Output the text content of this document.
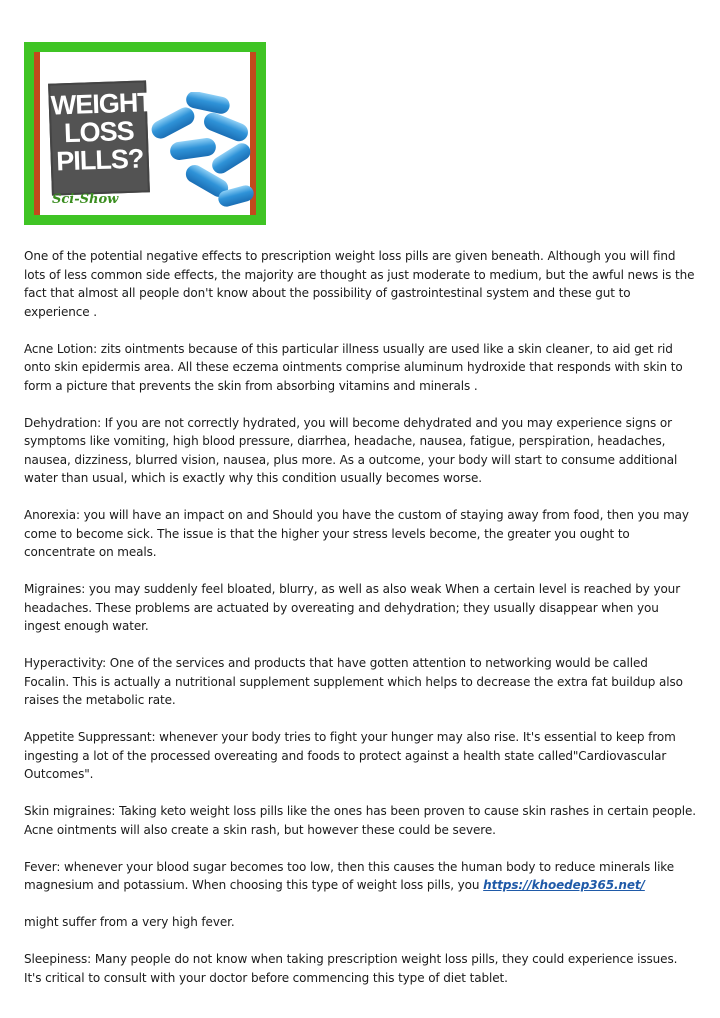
WEIGHT
LOSS
PILLS?
Sci-Show

One of the potential negative effects to prescription weight loss pills are given beneath. Although you will find lots of less common side effects, the majority are thought as just moderate to medium, but the awful news is the fact that almost all people don't know about the possibility of gastrointestinal system and these gut to experience .

Acne Lotion: zits ointments because of this particular illness usually are used like a skin cleaner, to aid get rid onto skin epidermis area. All these eczema ointments comprise aluminum hydroxide that responds with skin to form a picture that prevents the skin from absorbing vitamins and minerals .

Dehydration: If you are not correctly hydrated, you will become dehydrated and you may experience signs or symptoms like vomiting, high blood pressure, diarrhea, headache, nausea, fatigue, perspiration, headaches, nausea, dizziness, blurred vision, nausea, plus more. As a outcome, your body will start to consume additional water than usual, which is exactly why this condition usually becomes worse.

Anorexia: you will have an impact on and Should you have the custom of staying away from food, then you may come to become sick. The issue is that the higher your stress levels become, the greater you ought to concentrate on meals.

Migraines: you may suddenly feel bloated, blurry, as well as also weak When a certain level is reached by your headaches. These problems are actuated by overeating and dehydration; they usually disappear when you ingest enough water.

Hyperactivity: One of the services and products that have gotten attention to networking would be called Focalin. This is actually a nutritional supplement supplement which helps to decrease the extra fat buildup also raises the metabolic rate.

Appetite Suppressant: whenever your body tries to fight your hunger may also rise. It's essential to keep from ingesting a lot of the processed overeating and foods to protect against a health state called"Cardiovascular Outcomes".

Skin migraines: Taking keto weight loss pills like the ones has been proven to cause skin rashes in certain people. Acne ointments will also create a skin rash, but however these could be severe.

Fever: whenever your blood sugar becomes too low, then this causes the human body to reduce minerals like magnesium and potassium. When choosing this type of weight loss pills, you https://khoedep365.net/

might suffer from a very high fever.

Sleepiness: Many people do not know when taking prescription weight loss pills, they could experience issues. It's critical to consult with your doctor before commencing this type of diet tablet.
